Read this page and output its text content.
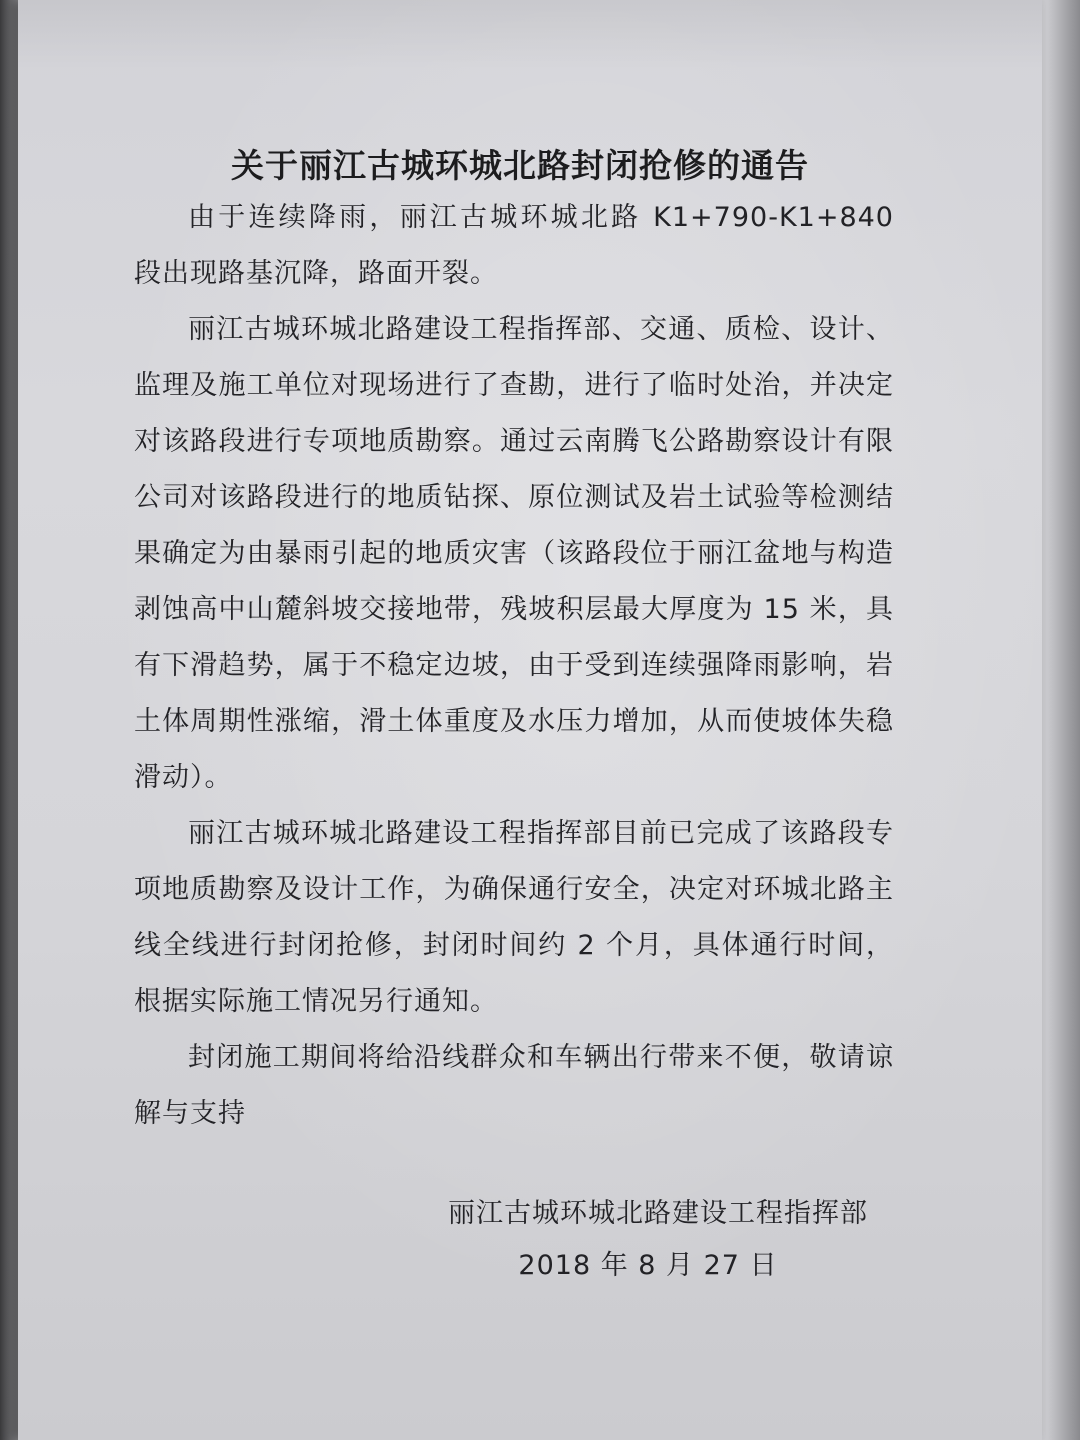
关于丽江古城环城北路封闭抢修的通告

由于连续降雨，丽江古城环城北路 K1+790-K1+840 段出现路基沉降，路面开裂。

丽江古城环城北路建设工程指挥部、交通、质检、设计、监理及施工单位对现场进行了查勘，进行了临时处治，并决定对该路段进行专项地质勘察。通过云南腾飞公路勘察设计有限公司对该路段进行的地质钻探、原位测试及岩土试验等检测结果确定为由暴雨引起的地质灾害（该路段位于丽江盆地与构造剥蚀高中山麓斜坡交接地带，残坡积层最大厚度为 15 米，具有下滑趋势，属于不稳定边坡，由于受到连续强降雨影响，岩土体周期性涨缩，滑土体重度及水压力增加，从而使坡体失稳滑动）。

丽江古城环城北路建设工程指挥部目前已完成了该路段专项地质勘察及设计工作，为确保通行安全，决定对环城北路主线全线进行封闭抢修，封闭时间约 2 个月，具体通行时间，根据实际施工情况另行通知。

封闭施工期间将给沿线群众和车辆出行带来不便，敬请谅解与支持

丽江古城环城北路建设工程指挥部
2018 年 8 月 27 日
